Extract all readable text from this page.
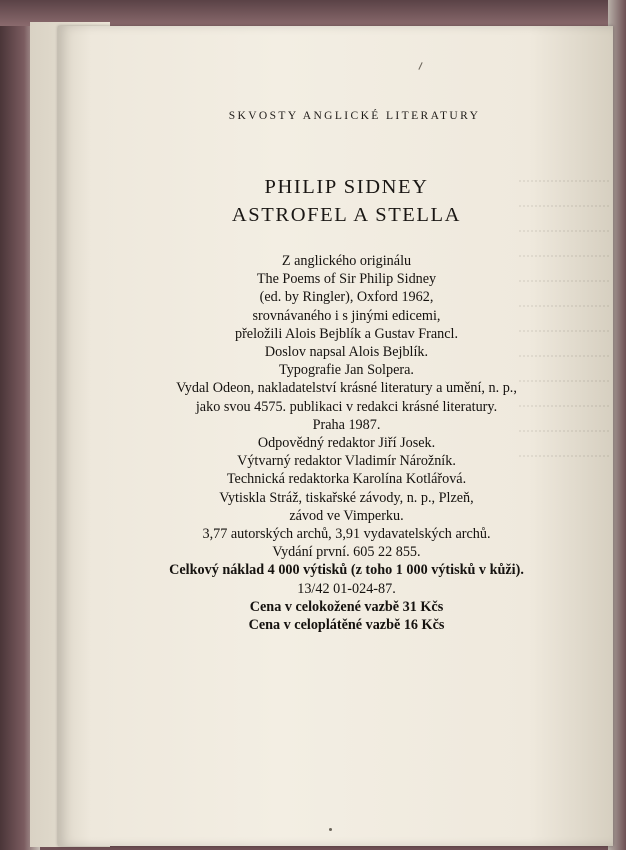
SKVOSTY ANGLICKÉ LITERATURY
PHILIP SIDNEY
ASTROFEL A STELLA
Z anglického originálu
The Poems of Sir Philip Sidney
(ed. by Ringler), Oxford 1962,
srovnávaného i s jinými edicemi,
přeložili Alois Bejblík a Gustav Francl.
Doslov napsal Alois Bejblík.
Typografie Jan Solpera.
Vydal Odeon, nakladatelství krásné literatury a umění, n. p.,
jako svou 4575. publikaci v redakci krásné literatury.
Praha 1987.
Odpovědný redaktor Jiří Josek.
Výtvarný redaktor Vladimír Nárožník.
Technická redaktorka Karolína Kotlářová.
Vytiskla Stráž, tiskařské závody, n. p., Plzeň,
závod ve Vimperku.
3,77 autorských archů, 3,91 vydavatelských archů.
Vydání první. 605 22 855.
Celkový náklad 4 000 výtisků (z toho 1 000 výtisků v kůži).
13/42 01-024-87.
Cena v celokožené vazbě 31 Kčs
Cena v celoplátěné vazbě 16 Kčs
